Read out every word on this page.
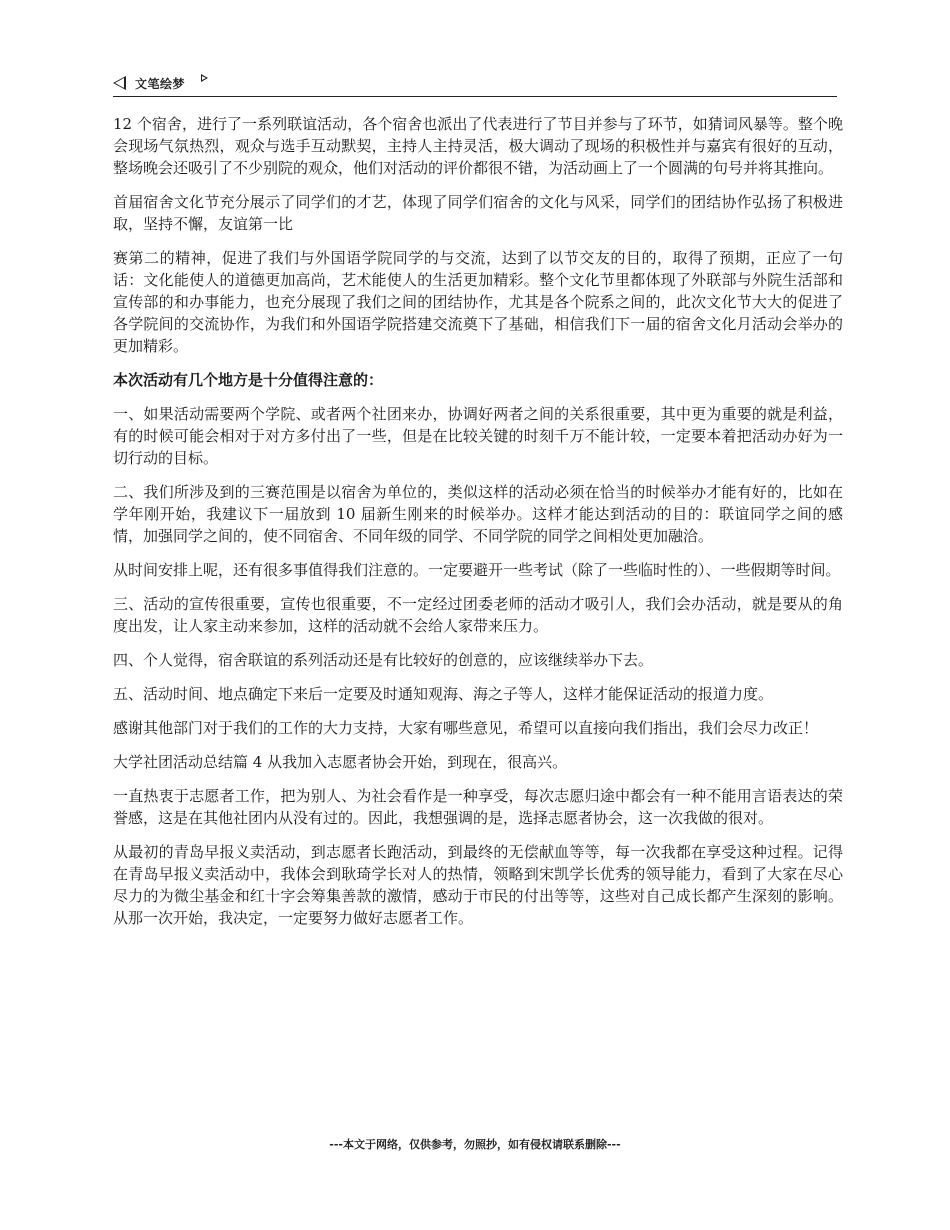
文笔绘梦

12 个宿舍，进行了一系列联谊活动，各个宿舍也派出了代表进行了节目并参与了环节，如猜词风暴等。整个晚会现场气氛热烈，观众与选手互动默契，主持人主持灵活，极大调动了现场的积极性并与嘉宾有很好的互动，整场晚会还吸引了不少别院的观众，他们对活动的评价都很不错，为活动画上了一个圆满的句号并将其推向。

首届宿舍文化节充分展示了同学们的才艺，体现了同学们宿舍的文化与风采，同学们的团结协作弘扬了积极进取，坚持不懈，友谊第一比

赛第二的精神，促进了我们与外国语学院同学的与交流，达到了以节交友的目的，取得了预期，正应了一句话：文化能使人的道德更加高尚，艺术能使人的生活更加精彩。整个文化节里都体现了外联部与外院生活部和宣传部的和办事能力，也充分展现了我们之间的团结协作，尤其是各个院系之间的，此次文化节大大的促进了各学院间的交流协作，为我们和外国语学院搭建交流奠下了基础，相信我们下一届的宿舍文化月活动会举办的更加精彩。

本次活动有几个地方是十分值得注意的：

一、如果活动需要两个学院、或者两个社团来办，协调好两者之间的关系很重要，其中更为重要的就是利益，有的时候可能会相对于对方多付出了一些，但是在比较关键的时刻千万不能计较，一定要本着把活动办好为一切行动的目标。

二、我们所涉及到的三赛范围是以宿舍为单位的，类似这样的活动必须在恰当的时候举办才能有好的，比如在学年刚开始，我建议下一届放到 10 届新生刚来的时候举办。这样才能达到活动的目的：联谊同学之间的感情，加强同学之间的，使不同宿舍、不同年级的同学、不同学院的同学之间相处更加融洽。

从时间安排上呢，还有很多事值得我们注意的。一定要避开一些考试（除了一些临时性的）、一些假期等时间。

三、活动的宣传很重要，宣传也很重要，不一定经过团委老师的活动才吸引人，我们会办活动，就是要从的角度出发，让人家主动来参加，这样的活动就不会给人家带来压力。

四、个人觉得，宿舍联谊的系列活动还是有比较好的创意的，应该继续举办下去。

五、活动时间、地点确定下来后一定要及时通知观海、海之子等人，这样才能保证活动的报道力度。

感谢其他部门对于我们的工作的大力支持，大家有哪些意见，希望可以直接向我们指出，我们会尽力改正！

大学社团活动总结篇 4 从我加入志愿者协会开始，到现在，很高兴。

一直热衷于志愿者工作，把为别人、为社会看作是一种享受，每次志愿归途中都会有一种不能用言语表达的荣誉感，这是在其他社团内从没有过的。因此，我想强调的是，选择志愿者协会，这一次我做的很对。

从最初的青岛早报义卖活动，到志愿者长跑活动，到最终的无偿献血等等，每一次我都在享受这种过程。记得在青岛早报义卖活动中，我体会到耿琦学长对人的热情，领略到宋凯学长优秀的领导能力，看到了大家在尽心尽力的为微尘基金和红十字会筹集善款的激情，感动于市民的付出等等，这些对自己成长都产生深刻的影响。从那一次开始，我决定，一定要努力做好志愿者工作。

---本文于网络，仅供参考，勿照抄，如有侵权请联系删除---
